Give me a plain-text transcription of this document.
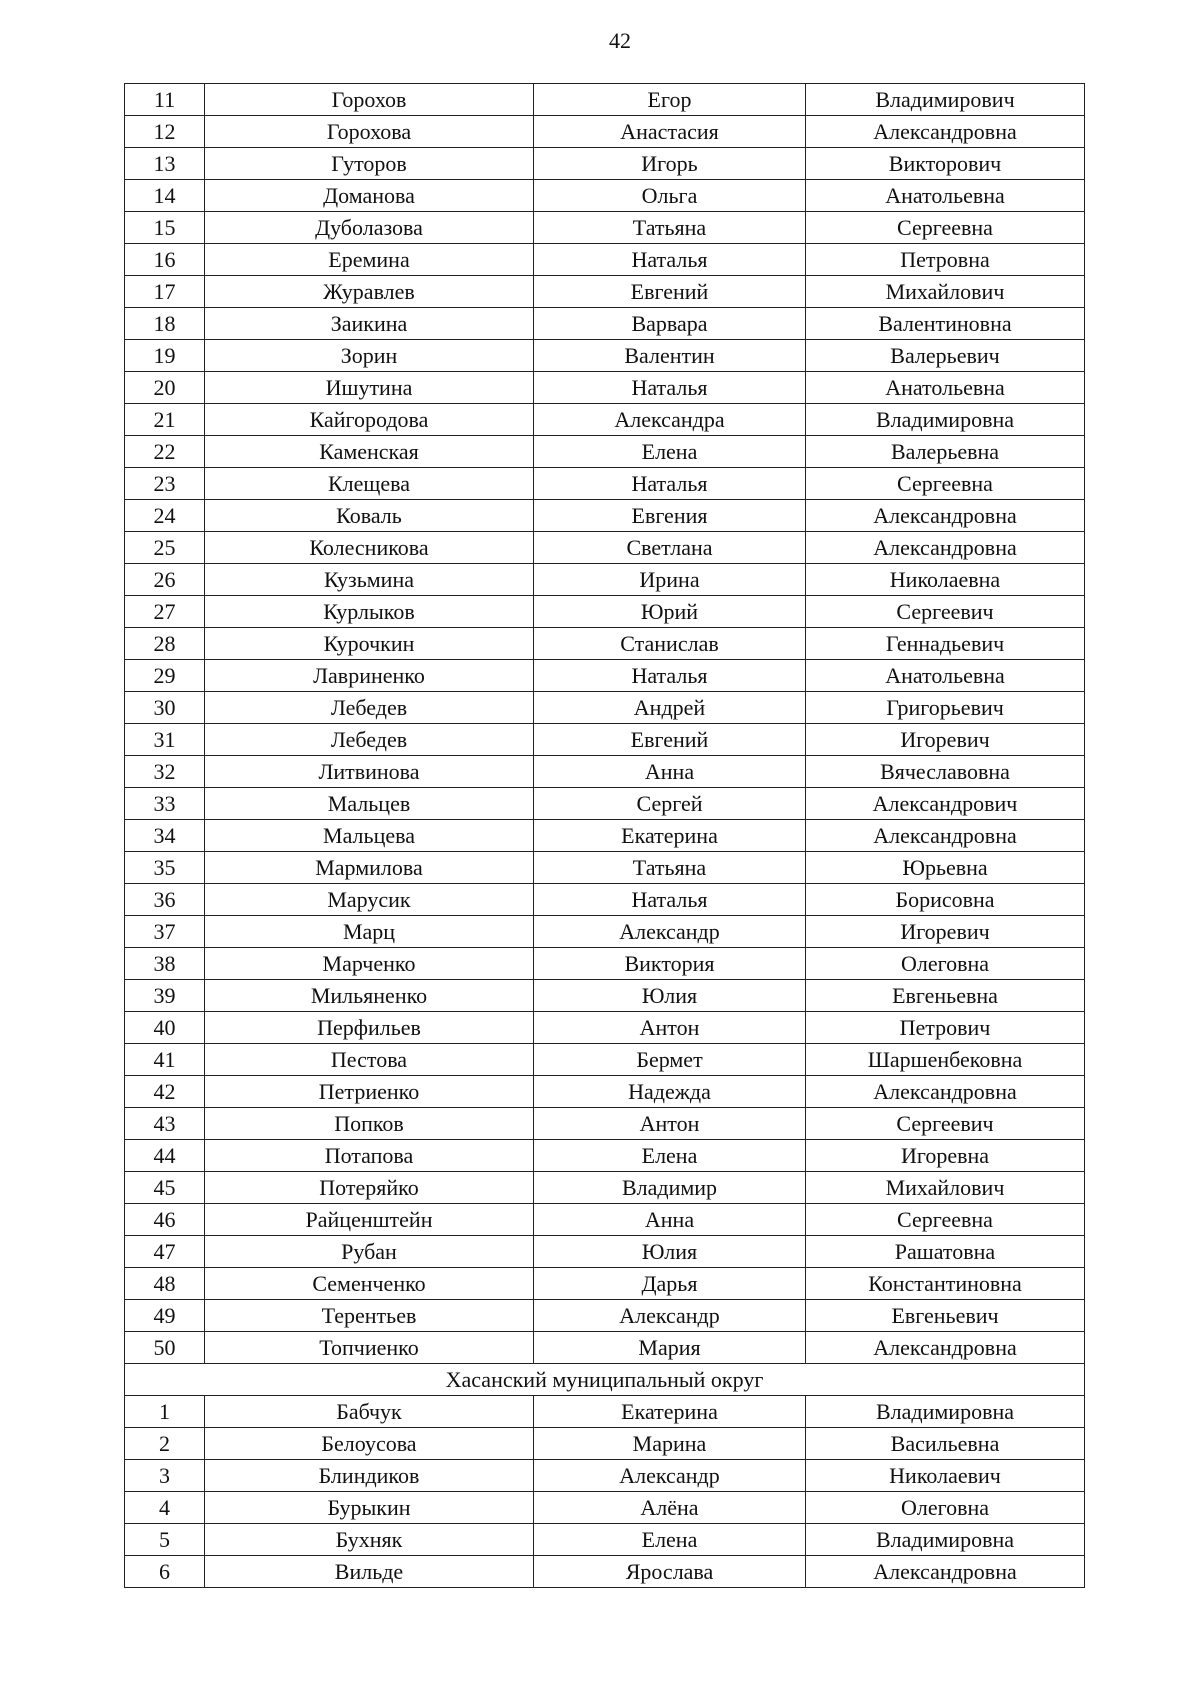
42
11	Горохов	Егор	Владимирович
12	Горохова	Анастасия	Александровна
13	Гуторов	Игорь	Викторович
14	Доманова	Ольга	Анатольевна
15	Дуболазова	Татьяна	Сергеевна
16	Еремина	Наталья	Петровна
17	Журавлев	Евгений	Михайлович
18	Заикина	Варвара	Валентиновна
19	Зорин	Валентин	Валерьевич
20	Ишутина	Наталья	Анатольевна
21	Кайгородова	Александра	Владимировна
22	Каменская	Елена	Валерьевна
23	Клещева	Наталья	Сергеевна
24	Коваль	Евгения	Александровна
25	Колесникова	Светлана	Александровна
26	Кузьмина	Ирина	Николаевна
27	Курлыков	Юрий	Сергеевич
28	Курочкин	Станислав	Геннадьевич
29	Лавриненко	Наталья	Анатольевна
30	Лебедев	Андрей	Григорьевич
31	Лебедев	Евгений	Игоревич
32	Литвинова	Анна	Вячеславовна
33	Мальцев	Сергей	Александрович
34	Мальцева	Екатерина	Александровна
35	Мармилова	Татьяна	Юрьевна
36	Марусик	Наталья	Борисовна
37	Марц	Александр	Игоревич
38	Марченко	Виктория	Олеговна
39	Мильяненко	Юлия	Евгеньевна
40	Перфильев	Антон	Петрович
41	Пестова	Бермет	Шаршенбековна
42	Петриенко	Надежда	Александровна
43	Попков	Антон	Сергеевич
44	Потапова	Елена	Игоревна
45	Потеряйко	Владимир	Михайлович
46	Райценштейн	Анна	Сергеевна
47	Рубан	Юлия	Рашатовна
48	Семенченко	Дарья	Константиновна
49	Терентьев	Александр	Евгеньевич
50	Топчиенко	Мария	Александровна
Хасанский муниципальный округ			
1	Бабчук	Екатерина	Владимировна
2	Белоусова	Марина	Васильевна
3	Блиндиков	Александр	Николаевич
4	Бурыкин	Алёна	Олеговна
5	Бухняк	Елена	Владимировна
6	Вильде	Ярослава	Александровна
